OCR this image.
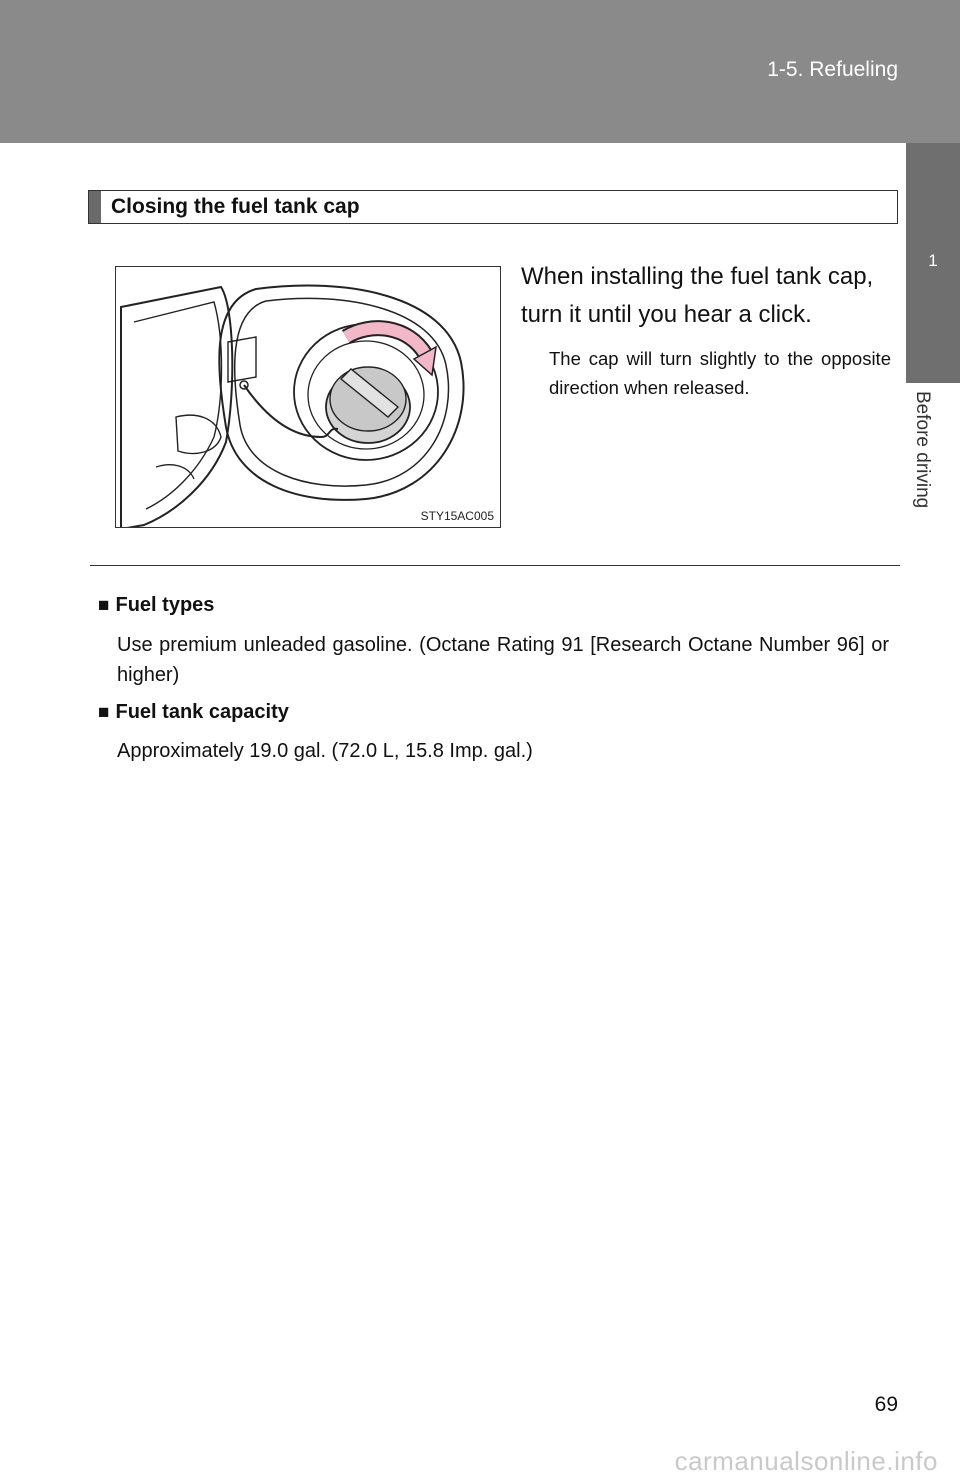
1-5. Refueling
1
Before driving
Closing the fuel tank cap
STY15AC005
When installing the fuel tank cap, turn it until you hear a click.
The cap will turn slightly to the opposite direction when released.
■ Fuel types
Use premium unleaded gasoline. (Octane Rating 91 [Research Octane Number 96] or higher)
■ Fuel tank capacity
Approximately 19.0 gal. (72.0 L, 15.8 Imp. gal.)
69
carmanualsonline.info
